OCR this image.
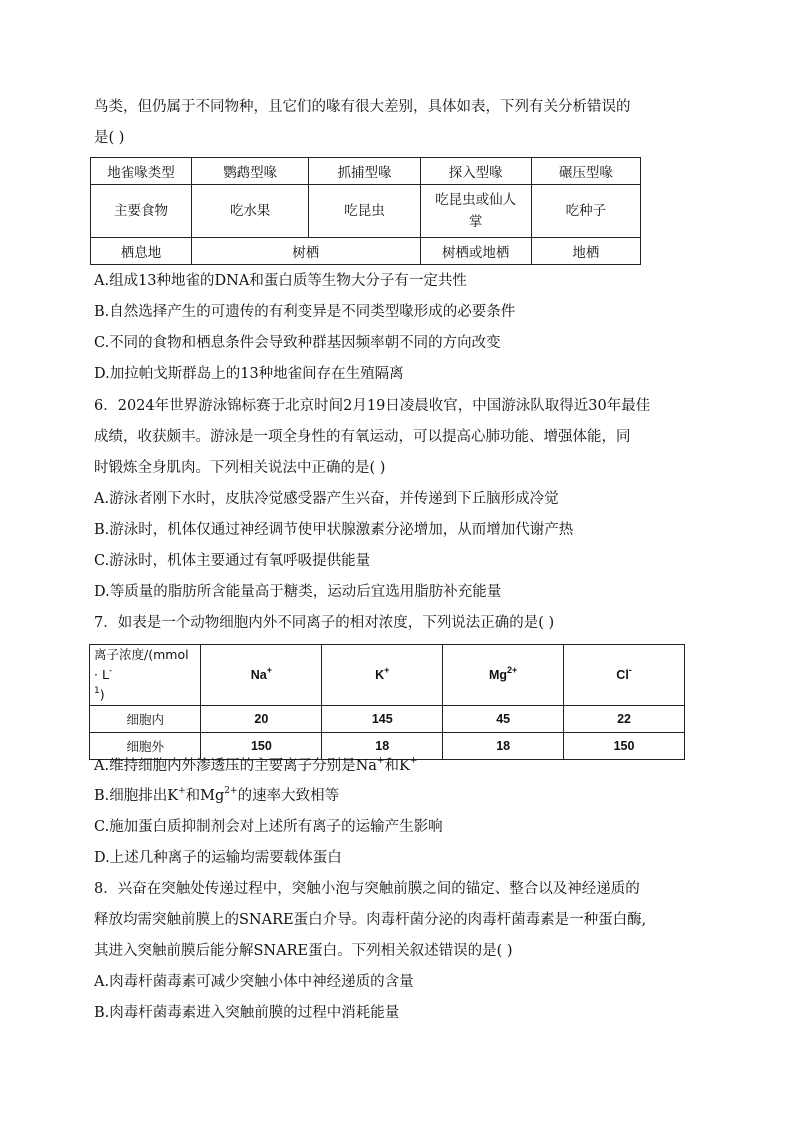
鸟类，但仍属于不同物种，且它们的喙有很大差别，具体如表，下列有关分析错误的
是( )
地雀喙类型	鹦鹉型喙	抓捕型喙	探入型喙	碾压型喙
主要食物	吃水果	吃昆虫	吃昆虫或仙人掌	吃种子
栖息地	树栖		树栖或地栖	地栖
A.组成13种地雀的DNA和蛋白质等生物大分子有一定共性
B.自然选择产生的可遗传的有利变异是不同类型喙形成的必要条件
C.不同的食物和栖息条件会导致种群基因频率朝不同的方向改变
D.加拉帕戈斯群岛上的13种地雀间存在生殖隔离
6．2024年世界游泳锦标赛于北京时间2月19日凌晨收官，中国游泳队取得近30年最佳
成绩，收获颇丰。游泳是一项全身性的有氧运动，可以提高心肺功能、增强体能，同
时锻炼全身肌肉。下列相关说法中正确的是( )
A.游泳者刚下水时，皮肤冷觉感受器产生兴奋，并传递到下丘脑形成冷觉
B.游泳时，机体仅通过神经调节使甲状腺激素分泌增加，从而增加代谢产热
C.游泳时，机体主要通过有氧呼吸提供能量
D.等质量的脂肪所含能量高于糖类，运动后宜选用脂肪补充能量
7．如表是一个动物细胞内外不同离子的相对浓度，下列说法正确的是( )
离子浓度/(mmol · L-
$^1$)	Na+	K+	$Mg^{2+}$	Cl-
细胞内	20	145	45	22
细胞外	150	18	18	150
A.维持细胞内外渗透压的主要离子分别是Na+和K+
B.细胞排出K+和$Mg^{2+}$的速率大致相等
C.施加蛋白质抑制剂会对上述所有离子的运输产生影响
D.上述几种离子的运输均需要载体蛋白
8．兴奋在突触处传递过程中，突触小泡与突触前膜之间的锚定、整合以及神经递质的
释放均需突触前膜上的SNARE蛋白介导。肉毒杆菌分泌的肉毒杆菌毒素是一种蛋白酶,
其进入突触前膜后能分解SNARE蛋白。下列相关叙述错误的是( )
A.肉毒杆菌毒素可减少突触小体中神经递质的含量
B.肉毒杆菌毒素进入突触前膜的过程中消耗能量
